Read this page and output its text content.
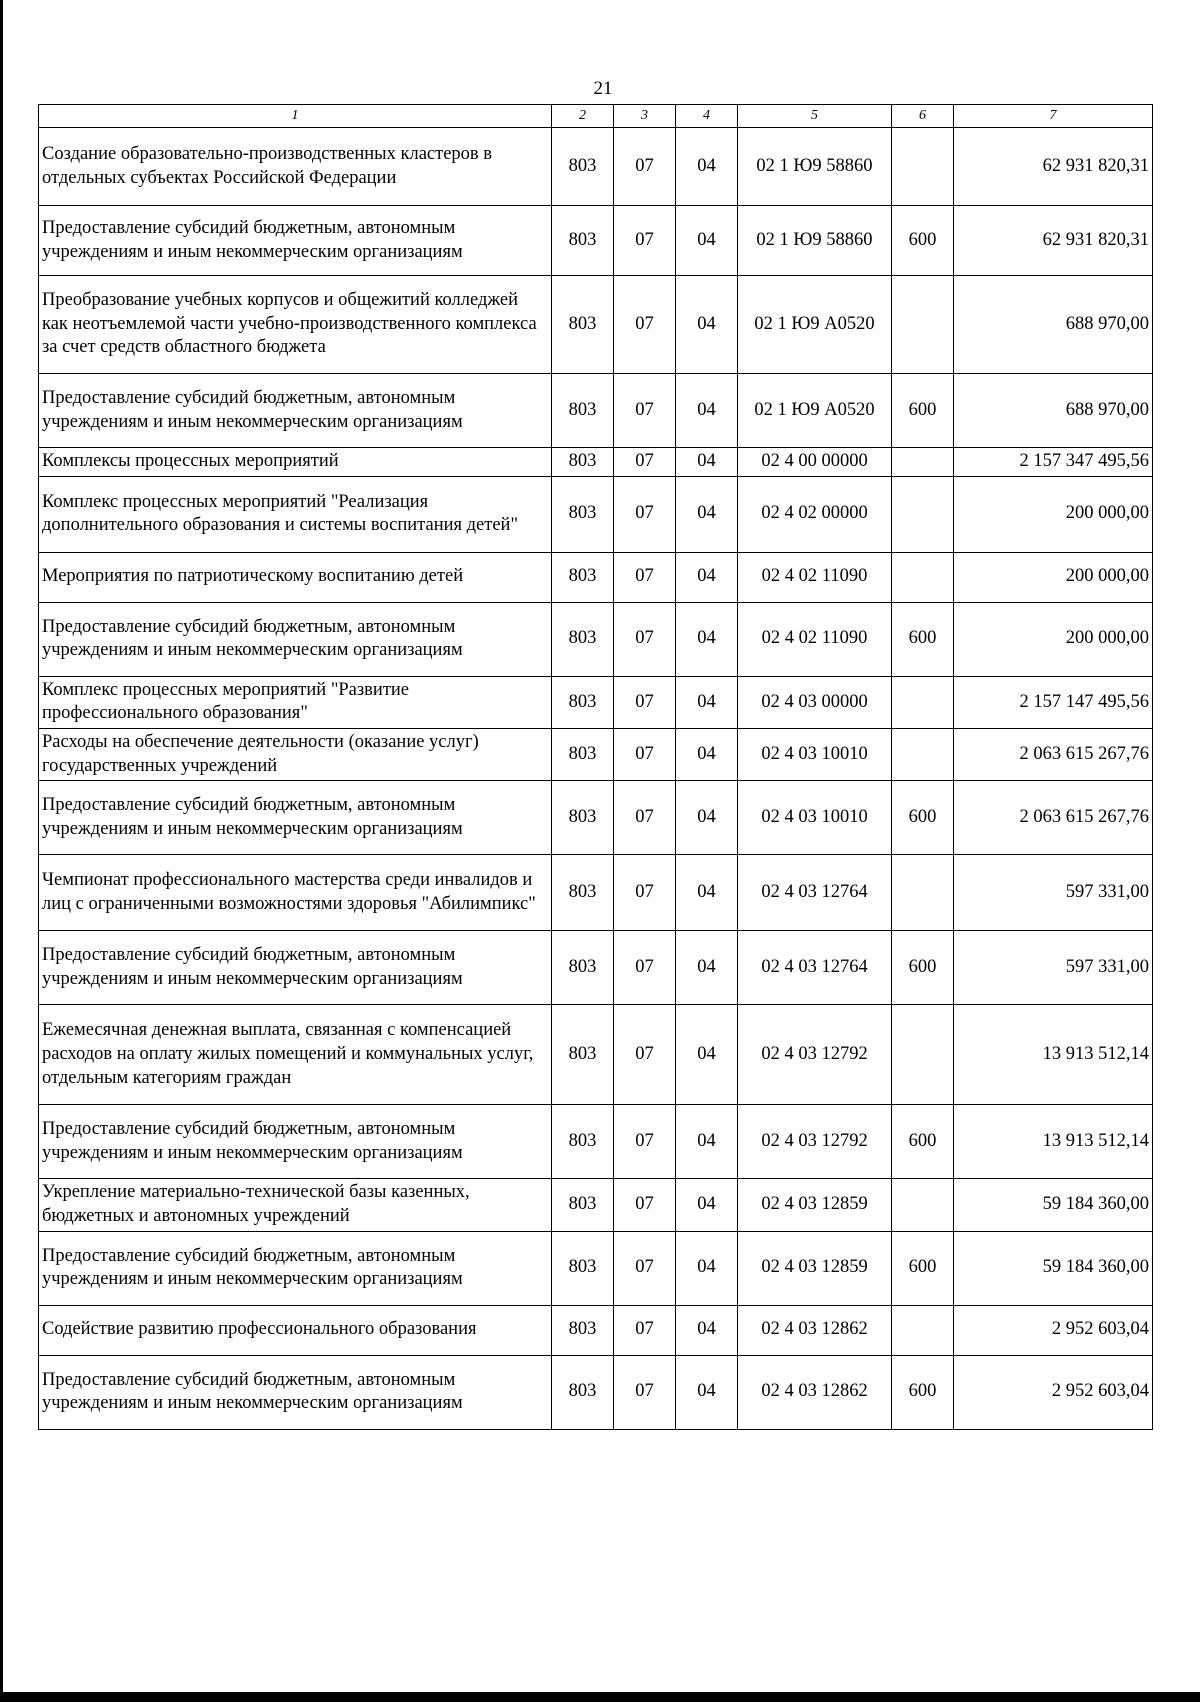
21
1	2	3	4	5	6	7
Создание образовательно-производственных кластеров в отдельных субъектах Российской Федерации	803	07	04	02 1 Ю9 58860		62 931 820,31
Предоставление субсидий бюджетным, автономным учреждениям и иным некоммерческим организациям	803	07	04	02 1 Ю9 58860	600	62 931 820,31
Преобразование учебных корпусов и общежитий колледжей как неотъемлемой части учебно-производственного комплекса за счет средств областного бюджета	803	07	04	02 1 Ю9 А0520		688 970,00
Предоставление субсидий бюджетным, автономным учреждениям и иным некоммерческим организациям	803	07	04	02 1 Ю9 А0520	600	688 970,00
Комплексы процессных мероприятий	803	07	04	02 4 00 00000		2 157 347 495,56
Комплекс процессных мероприятий "Реализация дополнительного образования и системы воспитания детей"	803	07	04	02 4 02 00000		200 000,00
Мероприятия по патриотическому воспитанию детей	803	07	04	02 4 02 11090		200 000,00
Предоставление субсидий бюджетным, автономным учреждениям и иным некоммерческим организациям	803	07	04	02 4 02 11090	600	200 000,00
Комплекс процессных мероприятий "Развитие профессионального образования"	803	07	04	02 4 03 00000		2 157 147 495,56
Расходы на обеспечение деятельности (оказание услуг) государственных учреждений	803	07	04	02 4 03 10010		2 063 615 267,76
Предоставление субсидий бюджетным, автономным учреждениям и иным некоммерческим организациям	803	07	04	02 4 03 10010	600	2 063 615 267,76
Чемпионат профессионального мастерства среди инвалидов и лиц с ограниченными возможностями здоровья "Абилимпикс"	803	07	04	02 4 03 12764		597 331,00
Предоставление субсидий бюджетным, автономным учреждениям и иным некоммерческим организациям	803	07	04	02 4 03 12764	600	597 331,00
Ежемесячная денежная выплата, связанная с компенсацией расходов на оплату жилых помещений и коммунальных услуг, отдельным категориям граждан	803	07	04	02 4 03 12792		13 913 512,14
Предоставление субсидий бюджетным, автономным учреждениям и иным некоммерческим организациям	803	07	04	02 4 03 12792	600	13 913 512,14
Укрепление материально-технической базы казенных, бюджетных и автономных учреждений	803	07	04	02 4 03 12859		59 184 360,00
Предоставление субсидий бюджетным, автономным учреждениям и иным некоммерческим организациям	803	07	04	02 4 03 12859	600	59 184 360,00
Содействие развитию профессионального образования	803	07	04	02 4 03 12862		2 952 603,04
Предоставление субсидий бюджетным, автономным учреждениям и иным некоммерческим организациям	803	07	04	02 4 03 12862	600	2 952 603,04
